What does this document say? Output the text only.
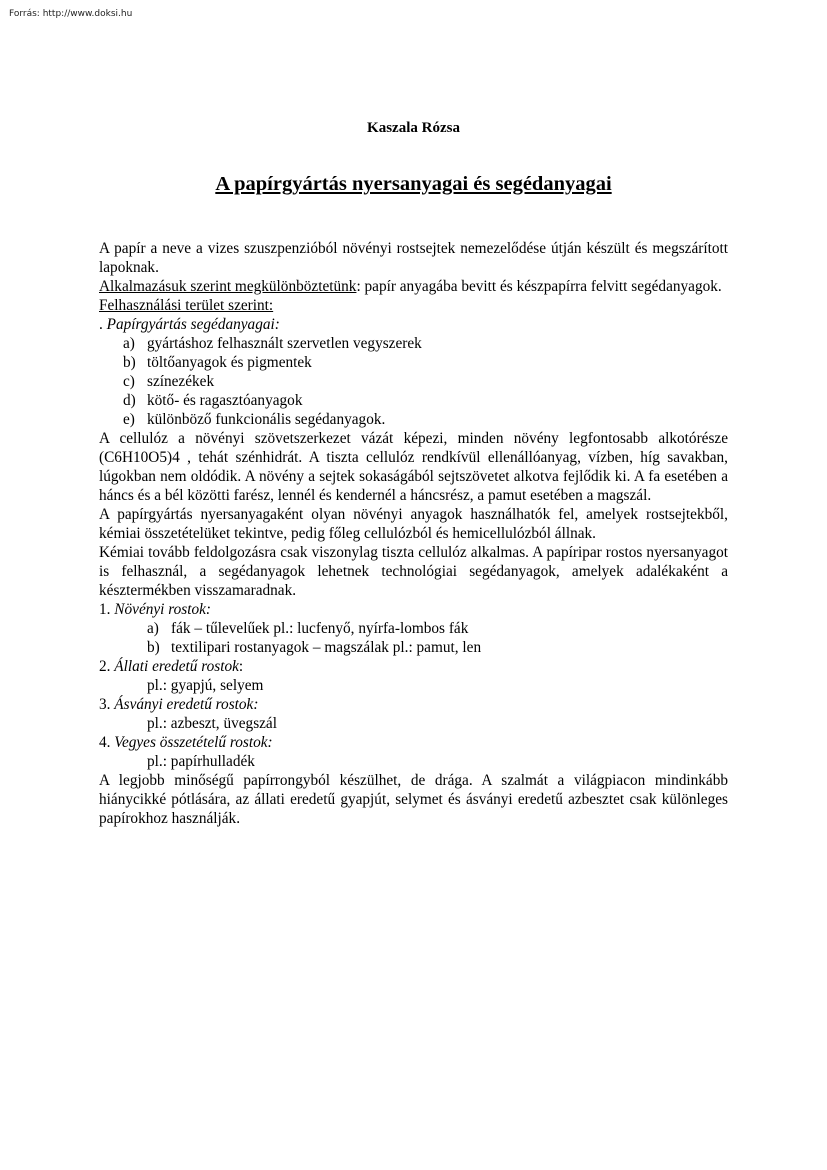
Forrás: http://www.doksi.hu
Kaszala Rózsa
A papírgyártás nyersanyagai és segédanyagai

A papír a neve a vizes szuszpenzióból növényi rostsejtek nemezelődése útján készült és megszárított lapoknak.

Alkalmazásuk szerint megkülönböztetünk: papír anyagába bevitt és készpapírra felvitt segédanyagok.

Felhasználási terület szerint:

. Papírgyártás segédanyagai:

a) gyártáshoz felhasznált szervetlen vegyszerek
b) töltőanyagok és pigmentek
c) színezékek
d) kötő- és ragasztóanyagok
e) különböző funkcionális segédanyagok.

A cellulóz a növényi szövetszerkezet vázát képezi, minden növény legfontosabb alkotórésze (C6H10O5)4 , tehát szénhidrát. A tiszta cellulóz rendkívül ellenállóanyag, vízben, híg savakban, lúgokban nem oldódik. A növény a sejtek sokaságából sejtszövetet alkotva fejlődik ki. A fa esetében a háncs és a bél közötti farész, lennél és kendernél a háncsrész, a pamut esetében a magszál.

A papírgyártás nyersanyagaként olyan növényi anyagok használhatók fel, amelyek rostsejtekből, kémiai összetételüket tekintve, pedig főleg cellulózból és hemicellulózból állnak.

Kémiai tovább feldolgozásra csak viszonylag tiszta cellulóz alkalmas. A papíripar rostos nyersanyagot is felhasznál, a segédanyagok lehetnek technológiai segédanyagok, amelyek adalékaként a késztermékben visszamaradnak.

1. Növényi rostok:

a) fák – tűlevelűek pl.: lucfenyő, nyírfa-lombos fák
b) textilipari rostanyagok – magszálak pl.: pamut, len

2. Állati eredetű rostok:

pl.: gyapjú, selyem

3. Ásványi eredetű rostok:

pl.: azbeszt, üvegszál

4. Vegyes összetételű rostok:

pl.: papírhulladék

A legjobb minőségű papírrongyból készülhet, de drága. A szalmát a világpiacon mindinkább hiánycikké pótlására, az állati eredetű gyapjút, selymet és ásványi eredetű azbesztet csak különleges papírokhoz használják.
